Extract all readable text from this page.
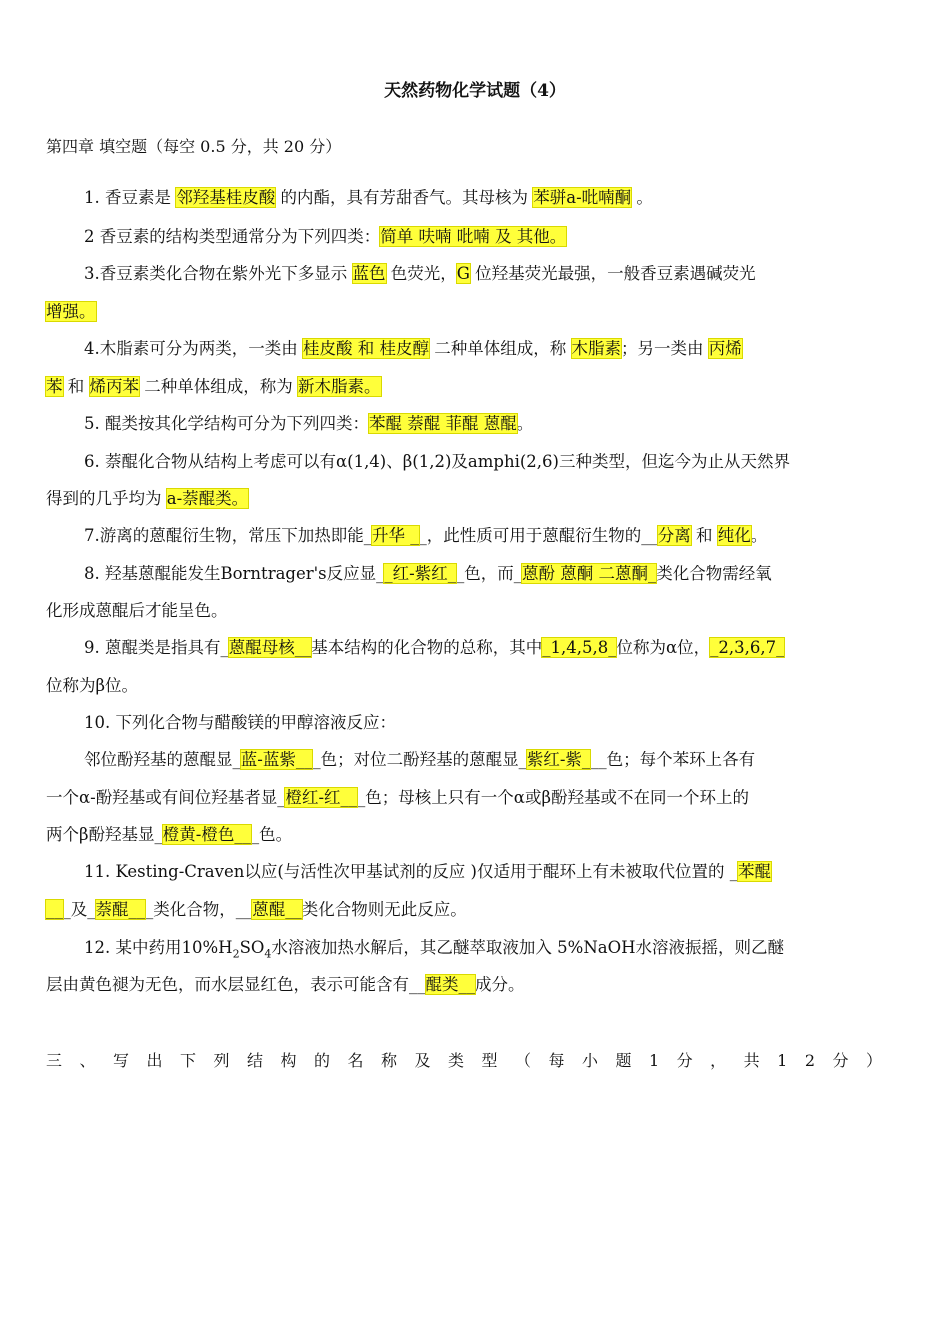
天然药物化学试题（4）
第四章 填空题（每空 0.5 分，共 20 分）
1. 香豆素是 邻羟基桂皮酸 的内酯，具有芳甜香气。其母核为 苯骈a-吡喃酮 。
2 香豆素的结构类型通常分为下列四类：简单 呋喃 吡喃 及 其他。
3.香豆素类化合物在紫外光下多显示 蓝色 色荧光，G 位羟基荧光最强，一般香豆素遇碱荧光
增强。
4.木脂素可分为两类，一类由 桂皮酸 和 桂皮醇 二种单体组成，称 木脂素；另一类由 丙烯
苯 和 烯丙苯 二种单体组成，称为 新木脂素。
5. 醌类按其化学结构可分为下列四类：苯醌 萘醌 菲醌 蒽醌。
6. 萘醌化合物从结构上考虑可以有α(1,4)、β(1,2)及amphi(2,6)三种类型，但迄今为止从天然界
得到的几乎均为 a-萘醌类。
7.游离的蒽醌衍生物，常压下加热即能_升华 __，此性质可用于蒽醌衍生物的__分离 和 纯化。
8. 羟基蒽醌能发生Borntrager's反应显__红-紫红__色，而_蒽酚 蒽酮 二蒽酮_类化合物需经氧
化形成蒽醌后才能呈色。
9. 蒽醌类是指具有_蒽醌母核__基本结构的化合物的总称，其中_1,4,5,8_位称为α位，_2,3,6,7_
位称为β位。
10. 下列化合物与醋酸镁的甲醇溶液反应：
邻位酚羟基的蒽醌显_蓝-蓝紫___色；对位二酚羟基的蒽醌显_紫红-紫___色；每个苯环上各有
一个α-酚羟基或有间位羟基者显_橙红-红___色；母核上只有一个α或β酚羟基或不在同一个环上的
两个β酚羟基显_橙黄-橙色___色。
11. Kesting-Craven以应(与活性次甲基试剂的反应 )仅适用于醌环上有未被取代位置的 _苯醌
___及_萘醌___类化合物，__蒽醌__类化合物则无此反应。
12. 某中药用$10\%H_2SO_4$水溶液加热水解后，其乙醚萃取液加入 5%NaOH水溶液振摇，则乙醚
层由黄色褪为无色，而水层显红色，表示可能含有__醌类__成分。
三、写出下列结构的名称及类型（每小题1分，共12分）
